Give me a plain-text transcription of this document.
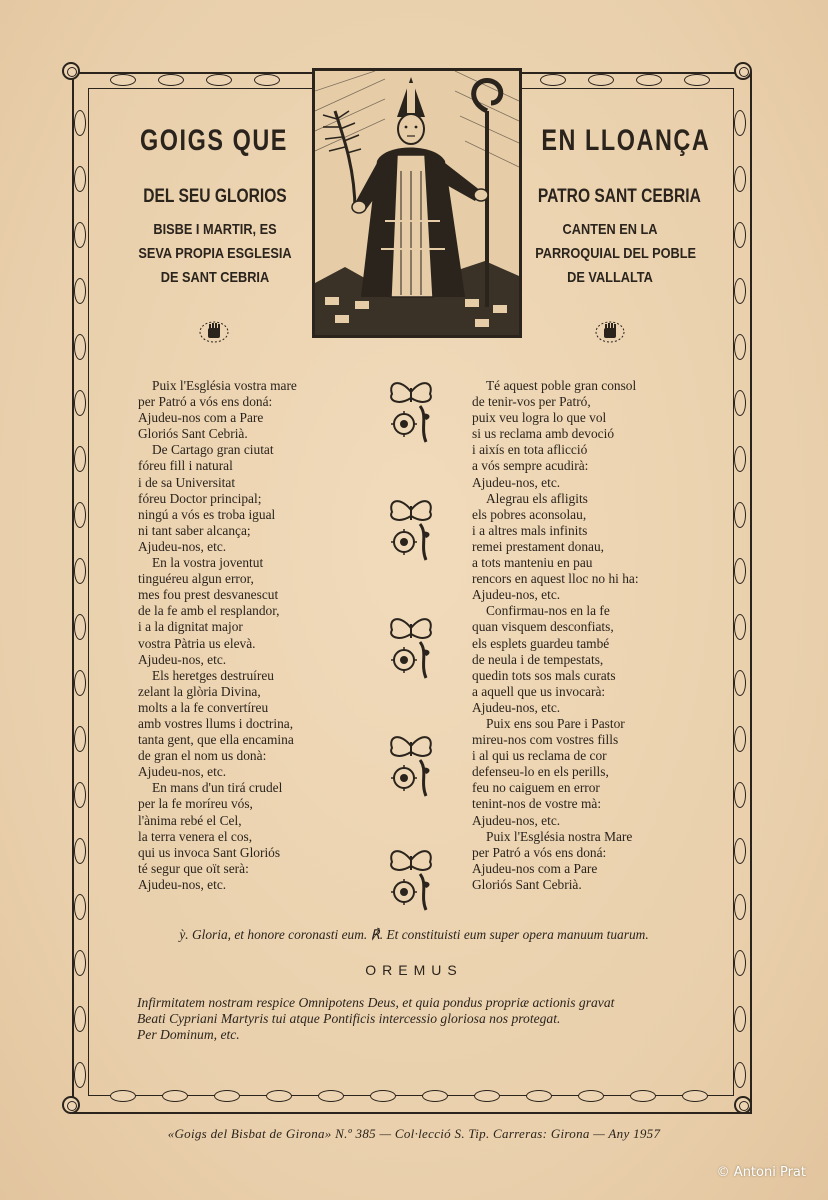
GOIGS QUE	EN LLOANÇA
DEL SEU GLORIOS	PATRO SANT CEBRIA
BISBE I MARTIR, ES
SEVA PROPIA ESGLESIA
DE SANT CEBRIA
CANTEN EN LA
PARROQUIAL DEL POBLE
DE VALLALTA
Puix l'Església vostra mare
per Patró a vós ens doná:
Ajudeu-nos com a Pare
Gloriós Sant Cebrià.
De Cartago gran ciutat
fóreu fill i natural
i de sa Universitat
fóreu Doctor principal;
ningú a vós es troba igual
ni tant saber alcança;
Ajudeu-nos, etc.
En la vostra joventut
tinguéreu algun error,
mes fou prest desvanescut
de la fe amb el resplandor,
i a la dignitat major
vostra Pàtria us elevà.
Ajudeu-nos, etc.
Els heretges destruíreu
zelant la glòria Divina,
molts a la fe convertíreu
amb vostres llums i doctrina,
tanta gent, que ella encamina
de gran el nom us donà:
Ajudeu-nos, etc.
En mans d'un tirá crudel
per la fe moríreu vós,
l'ànima rebé el Cel,
la terra venera el cos,
qui us invoca Sant Gloriós
té segur que oït serà:
Ajudeu-nos, etc.
Té aquest poble gran consol
de tenir-vos per Patró,
puix veu logra lo que vol
si us reclama amb devoció
i aixís en tota aflicció
a vós sempre acudirà:
Ajudeu-nos, etc.
Alegrau els afligits
els pobres aconsolau,
i a altres mals infinits
remei prestament donau,
a tots manteniu en pau
rencors en aquest lloc no hi ha:
Ajudeu-nos, etc.
Confirmau-nos en la fe
quan visquem desconfiats,
els esplets guardeu també
de neula i de tempestats,
quedin tots sos mals curats
a aquell que us invocarà:
Ajudeu-nos, etc.
Puix ens sou Pare i Pastor
mireu-nos com vostres fills
i al qui us reclama de cor
defenseu-lo en els perills,
feu no caiguem en error
tenint-nos de vostre mà:
Ajudeu-nos, etc.
Puix l'Església nostra Mare
per Patró a vós ens doná:
Ajudeu-nos com a Pare
Gloriós Sant Cebrià.
ỳ. Gloria, et honore coronasti eum. ℟. Et constituisti eum super opera manuum tuarum.
OREMUS
Infirmitatem nostram respice Omnipotens Deus, et quia pondus propriæ actionis gravat
Beati Cypriani Martyris tui atque Pontificis intercessio gloriosa nos protegat.
Per Dominum, etc.
«Goigs del Bisbat de Girona» N.º 385 — Col·lecció S. Tip. Carreras: Girona — Any 1957
© Antoni Prat
